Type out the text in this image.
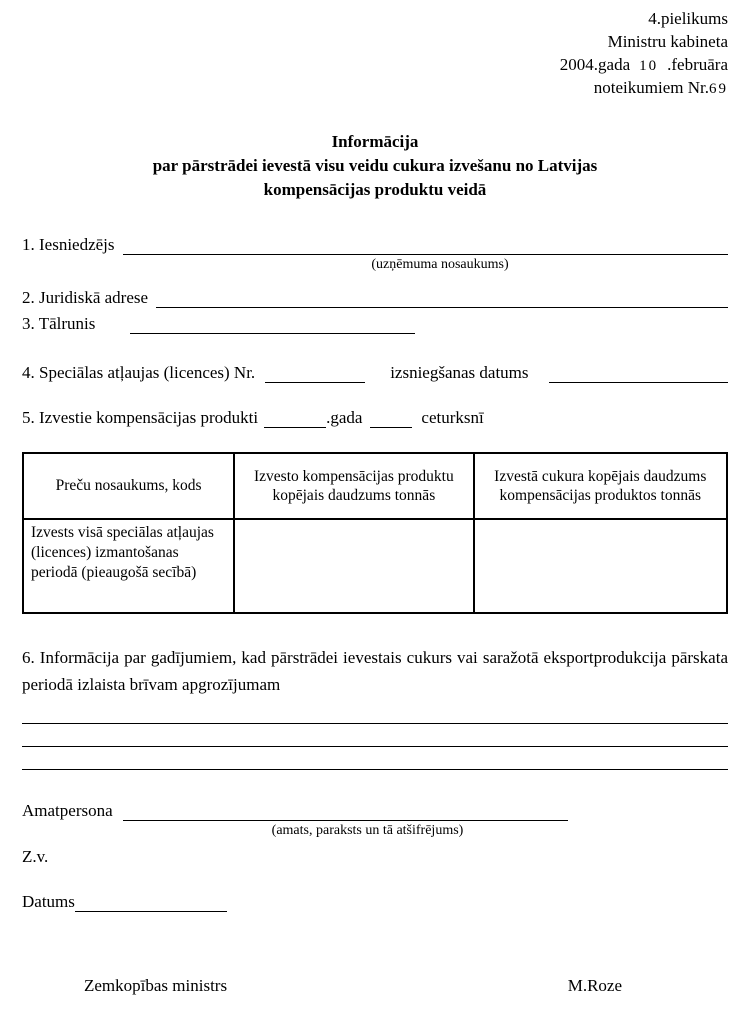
4.pielikums
Ministru kabineta
2004.gada 10 .februāra
noteikumiem Nr.69
Informācija
par pārstrādei ievestā visu veidu cukura izvešanu no Latvijas
kompensācijas produktu veidā
1. Iesniedzējs
(uzņēmuma nosaukums)
2. Juridiskā adrese
3. Tālrunis
4. Speciālas atļaujas (licences) Nr.	izsniegšanas datums
5. Izvestie kompensācijas produkti	.gada	ceturksnī
Preču nosaukums, kods	Izvesto kompensācijas produktu kopējais daudzums tonnās	Izvestā cukura kopējais daudzums kompensācijas produktos tonnās
Izvests visā speciālas atļaujas (licences) izmantošanas periodā (pieaugošā secībā)		
6. Informācija par gadījumiem, kad pārstrādei ievestais cukurs vai saražotā eksportprodukcija pārskata periodā izlaista brīvam apgrozījumam
Amatpersona
(amats, paraksts un tā atšifrējums)
Z.v.
Datums
Zemkopības ministrs	M.Roze
